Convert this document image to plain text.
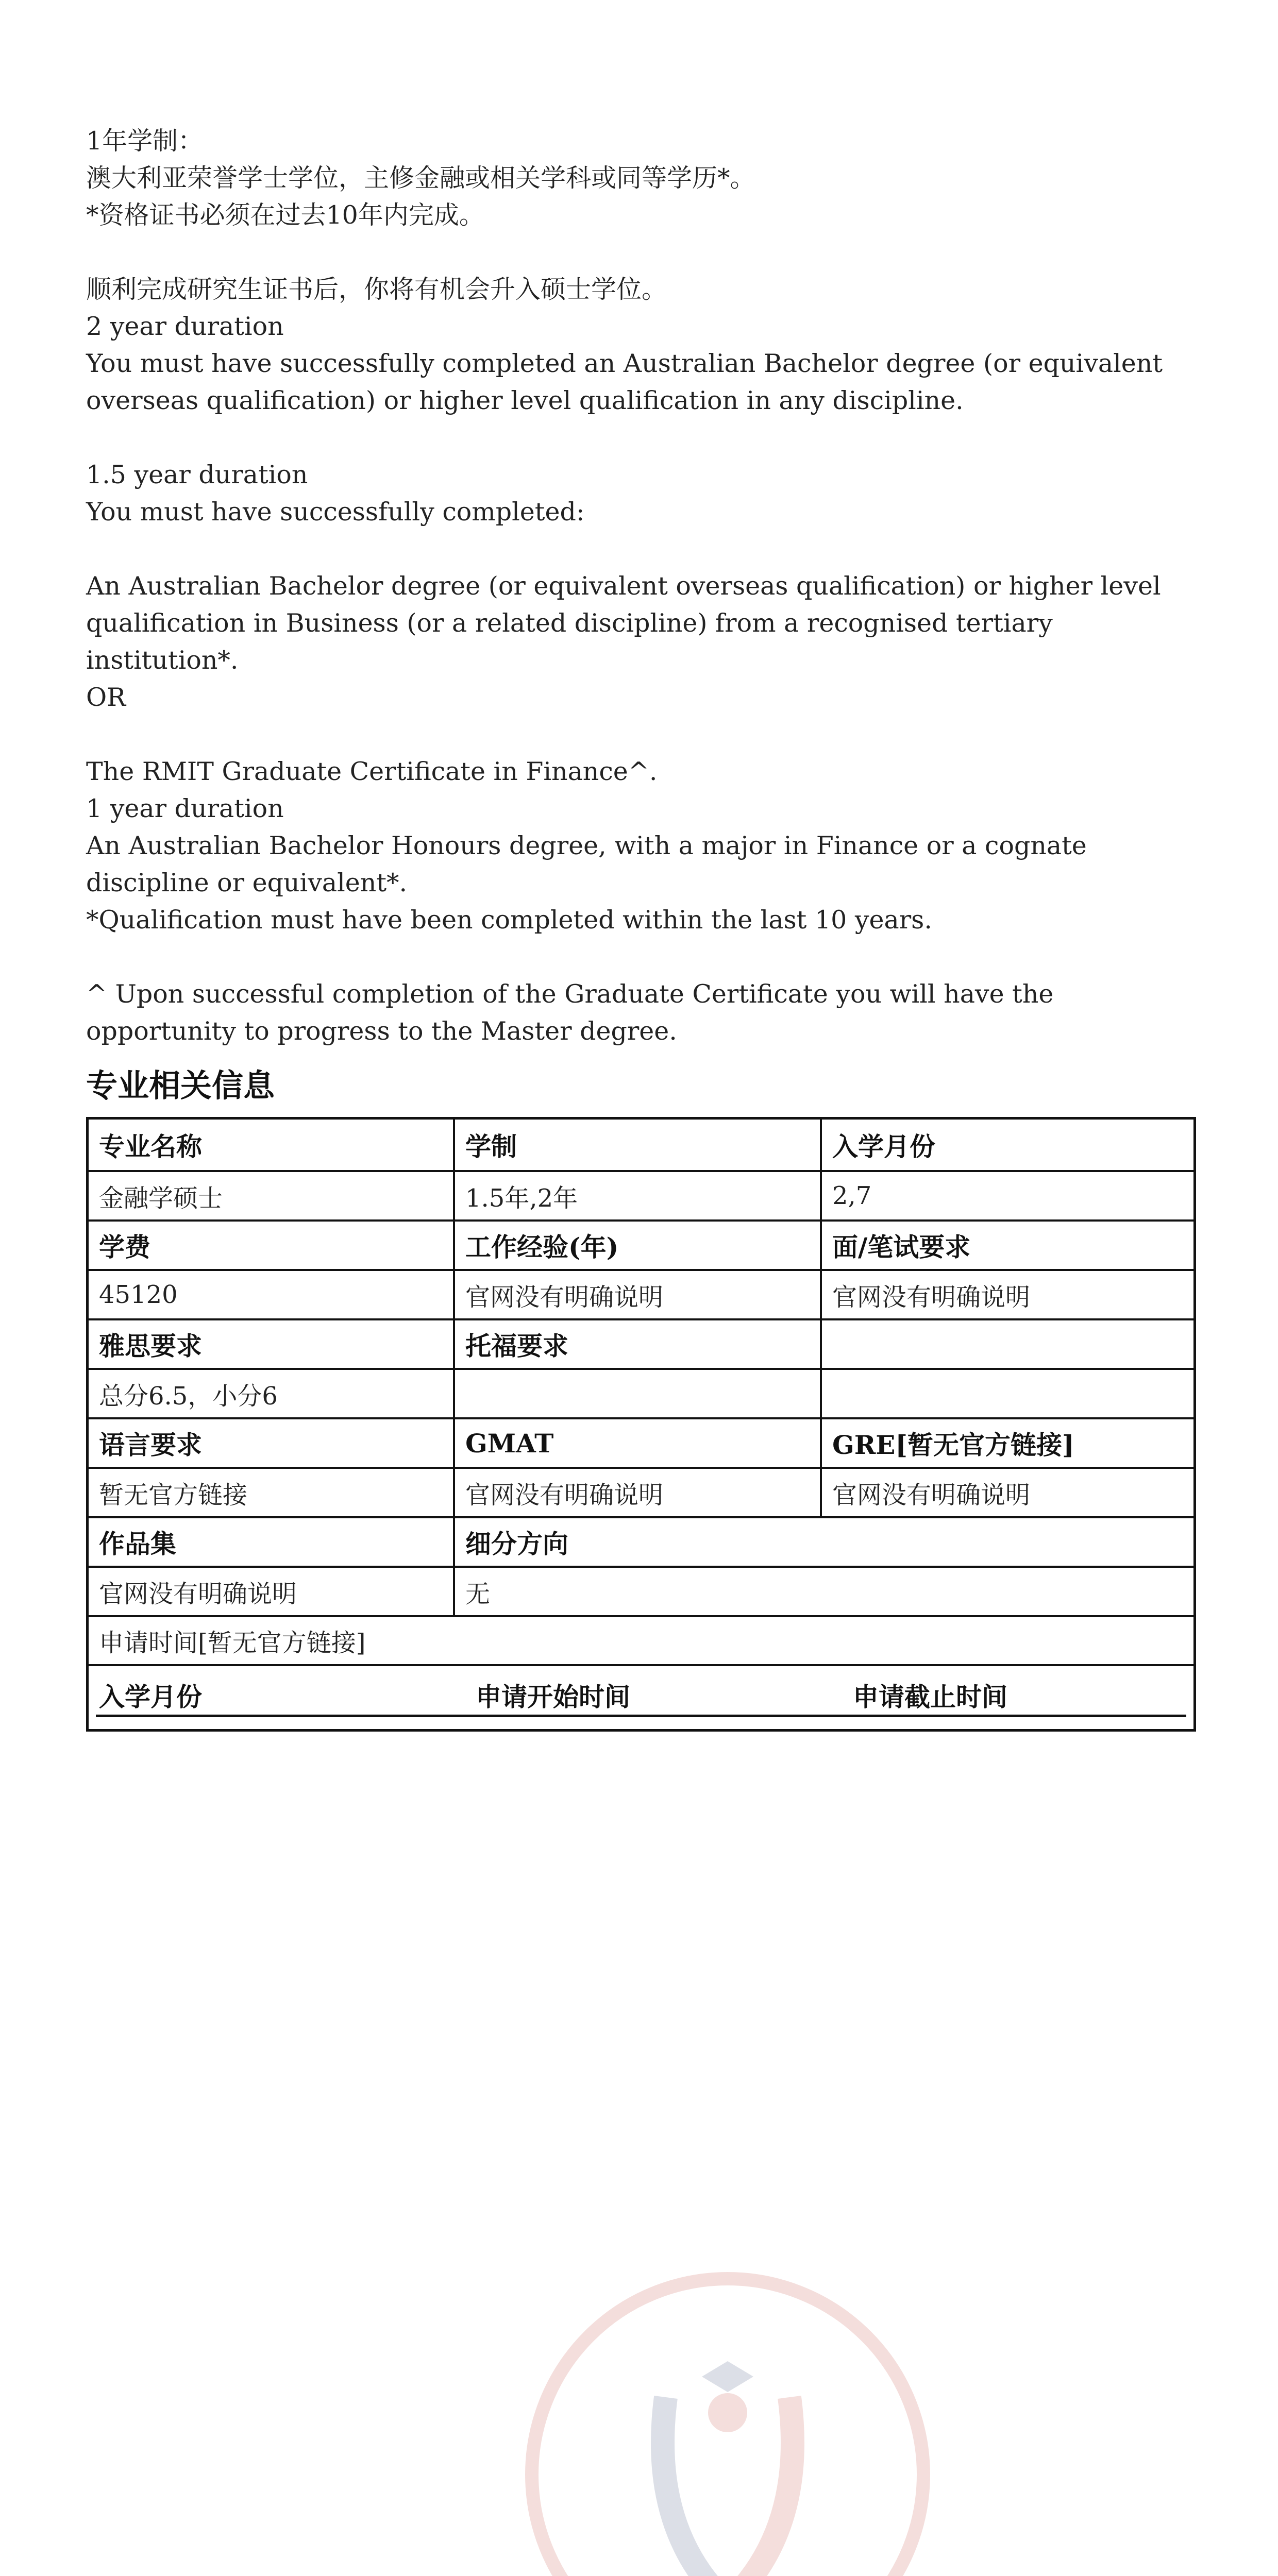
1年学制：

澳大利亚荣誉学士学位，主修金融或相关学科或同等学历*。

*资格证书必须在过去10年内完成。

顺利完成研究生证书后，你将有机会升入硕士学位。

2 year duration

You must have successfully completed an Australian Bachelor degree (or equivalent overseas qualification) or higher level qualification in any discipline.

1.5 year duration

You must have successfully completed:

An Australian Bachelor degree (or equivalent overseas qualification) or higher level qualification in Business (or a related discipline) from a recognised tertiary institution*.

OR

The RMIT Graduate Certificate in Finance^.

1 year duration

An Australian Bachelor Honours degree, with a major in Finance or a cognate discipline or equivalent*.

*Qualification must have been completed within the last 10 years.

^ Upon successful completion of the Graduate Certificate you will have the opportunity to progress to the Master degree.

专业相关信息
专业名称	学制	入学月份
金融学硕士	1.5年,2年	2,7
学费	工作经验(年)	面/笔试要求
45120	官网没有明确说明	官网没有明确说明
雅思要求	托福要求
总分6.5，小分6
语言要求	GMAT	GRE[暂无官方链接]
暂无官方链接	官网没有明确说明	官网没有明确说明
作品集	细分方向
官网没有明确说明	无
申请时间[暂无官方链接]
入学月份	申请开始时间	申请截止时间
